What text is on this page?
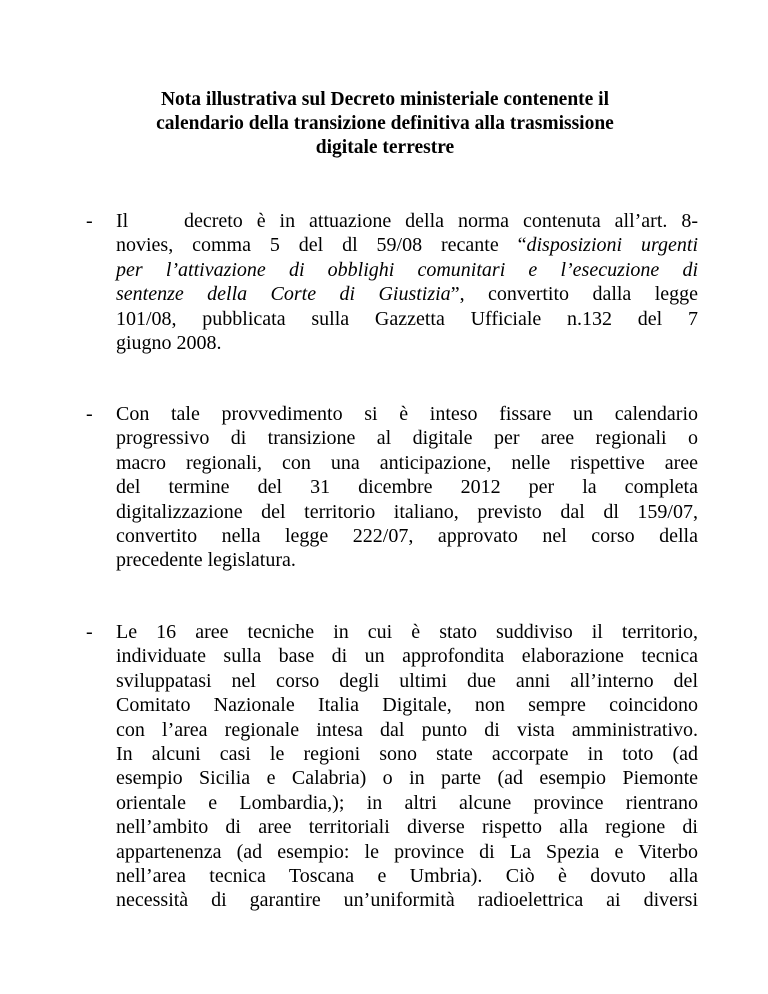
Nota illustrativa sul Decreto ministeriale contenente il
calendario della transizione definitiva alla trasmissione
digitale terrestre
- Il    decreto è in attuazione della norma contenuta all’art. 8-
novies, comma 5 del dl 59/08 recante “disposizioni urgenti
per l’attivazione di obblighi comunitari e l’esecuzione di
sentenze della Corte di Giustizia”, convertito dalla legge
101/08, pubblicata sulla Gazzetta Ufficiale n.132 del 7
giugno 2008.
- Con tale provvedimento si è inteso fissare un calendario
progressivo di transizione al digitale per aree regionali o
macro regionali, con una anticipazione, nelle rispettive aree
del termine del 31 dicembre 2012 per la completa
digitalizzazione del territorio italiano, previsto dal dl 159/07,
convertito nella legge 222/07, approvato nel corso della
precedente legislatura.
- Le 16 aree tecniche in cui è stato suddiviso il territorio,
individuate sulla base di un approfondita elaborazione tecnica
sviluppatasi nel corso degli ultimi due anni all’interno del
Comitato Nazionale Italia Digitale, non sempre coincidono
con l’area regionale intesa dal punto di vista amministrativo.
In alcuni casi le regioni sono state accorpate in toto (ad
esempio Sicilia e Calabria) o in parte (ad esempio Piemonte
orientale e Lombardia,); in altri alcune province rientrano
nell’ambito di aree territoriali diverse rispetto alla regione di
appartenenza (ad esempio: le province di La Spezia e Viterbo
nell’area tecnica Toscana e Umbria). Ciò è dovuto alla
necessità di garantire un’uniformità radioelettrica ai diversi
